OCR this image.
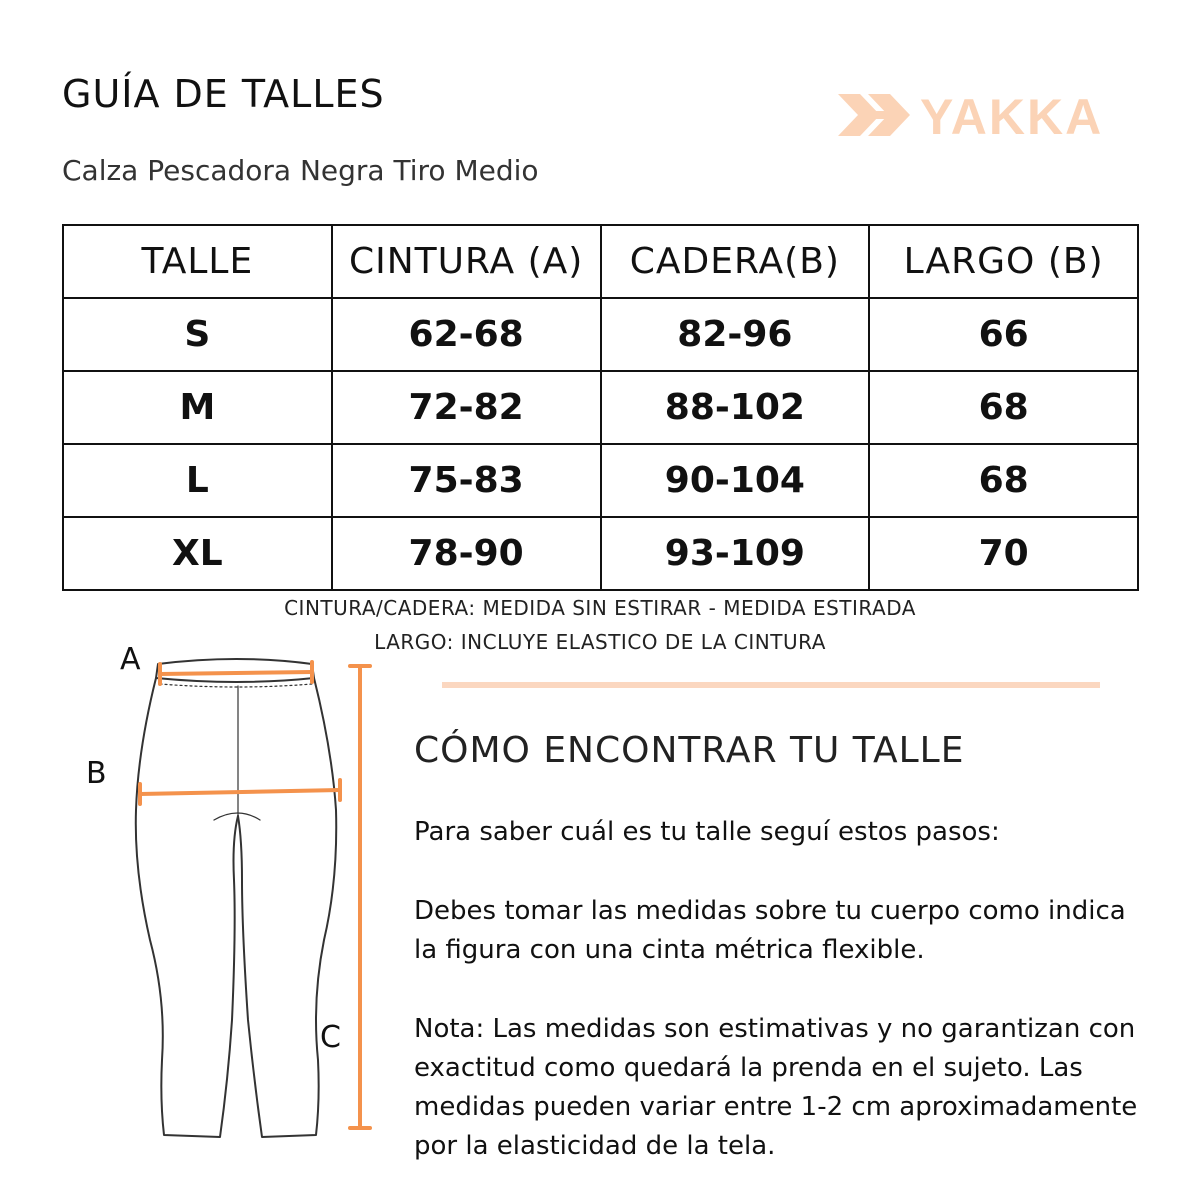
GUÍA DE TALLES
Calza Pescadora Negra Tiro Medio
YAKKA
TALLE	CINTURA (A)	CADERA(B)	LARGO (B)
S	62-68	82-96	66
M	72-82	88-102	68
L	75-83	90-104	68
XL	78-90	93-109	70
CINTURA/CADERA: MEDIDA SIN ESTIRAR - MEDIDA ESTIRADA
LARGO: INCLUYE ELASTICO DE LA CINTURA
A
B
C
CÓMO ENCONTRAR TU TALLE

Para saber cuál es tu talle seguí estos pasos:

Debes tomar las medidas sobre tu cuerpo como indica la figura con una cinta métrica flexible.

Nota: Las medidas son estimativas y no garantizan con exactitud como quedará la prenda en el sujeto. Las medidas pueden variar entre 1-2 cm aproximadamente por la elasticidad de la tela.
